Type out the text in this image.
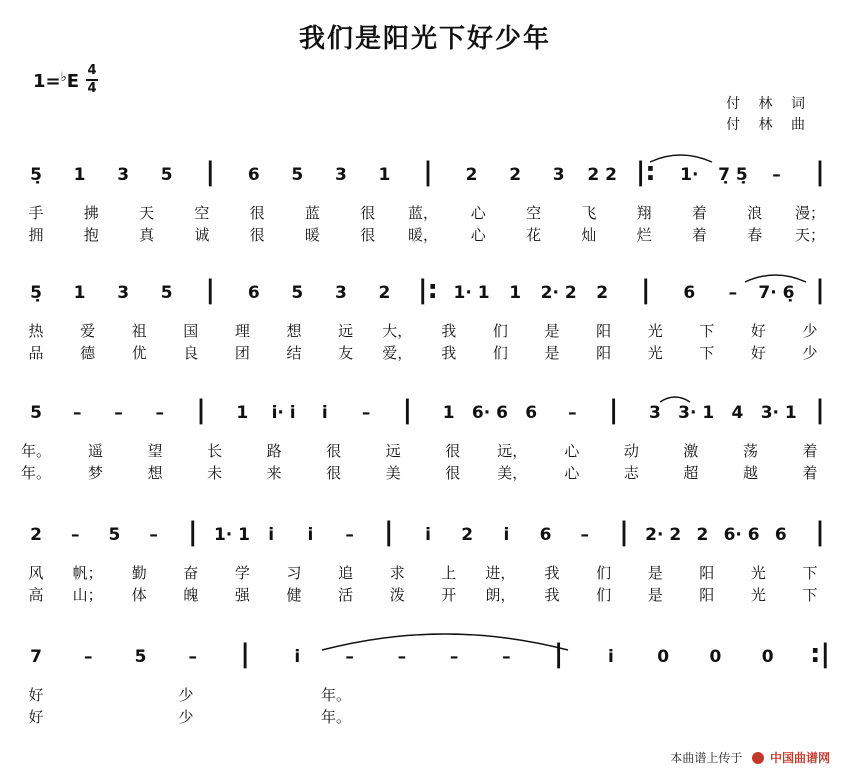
我们是阳光下好少年
1=♭E
4
4
付 林 词
付 林 曲
5̣ 1 3 5 | 6 5 3 1 | 2 2 3 2 2 |: 1· 7̣ 5̣ – |
手	拂	天	空	很	蓝	很 蓝， 心	空	飞	翔	着	浪 漫；
拥	抱	真	诚	很	暖	很 暖， 心	花	灿	烂	着	春 天；
5̣ 1 3 5 | 6 5 3 2 |: 1· 1 1 2· 2 2 | 6 – 7· 6̣ |
热 爱 祖 国 理 想 远 大， 我 们 是 阳 光 下 好 少
品 德 优 良 团 结 友 爱， 我 们 是 阳 光 下 好 少
5 – – – | 1 i· i i – | 1 6· 6 6 – | 3 3· 1 4 3· 1 |
年。 遥	望	长	路	很	远	很 远， 心	动	激	荡	着
年。 梦	想	未	来	很	美	很 美， 心	志	超	越	着
2 – 5 – | 1· 1 i i – | i 2 i 6 – | 2· 2 2 6· 6 6 |
风 帆； 勤 奋 学 习 追 求 上 进， 我 们 是 阳 光 下
高 山； 体 魄 强 健 活 泼 开 朗， 我 们 是 阳 光 下
7 – 5 – |	i	–	–	–	– |	i	0 0 0 :|
好	少	年。
好	少	年。
本曲谱上传于 中国曲谱网
